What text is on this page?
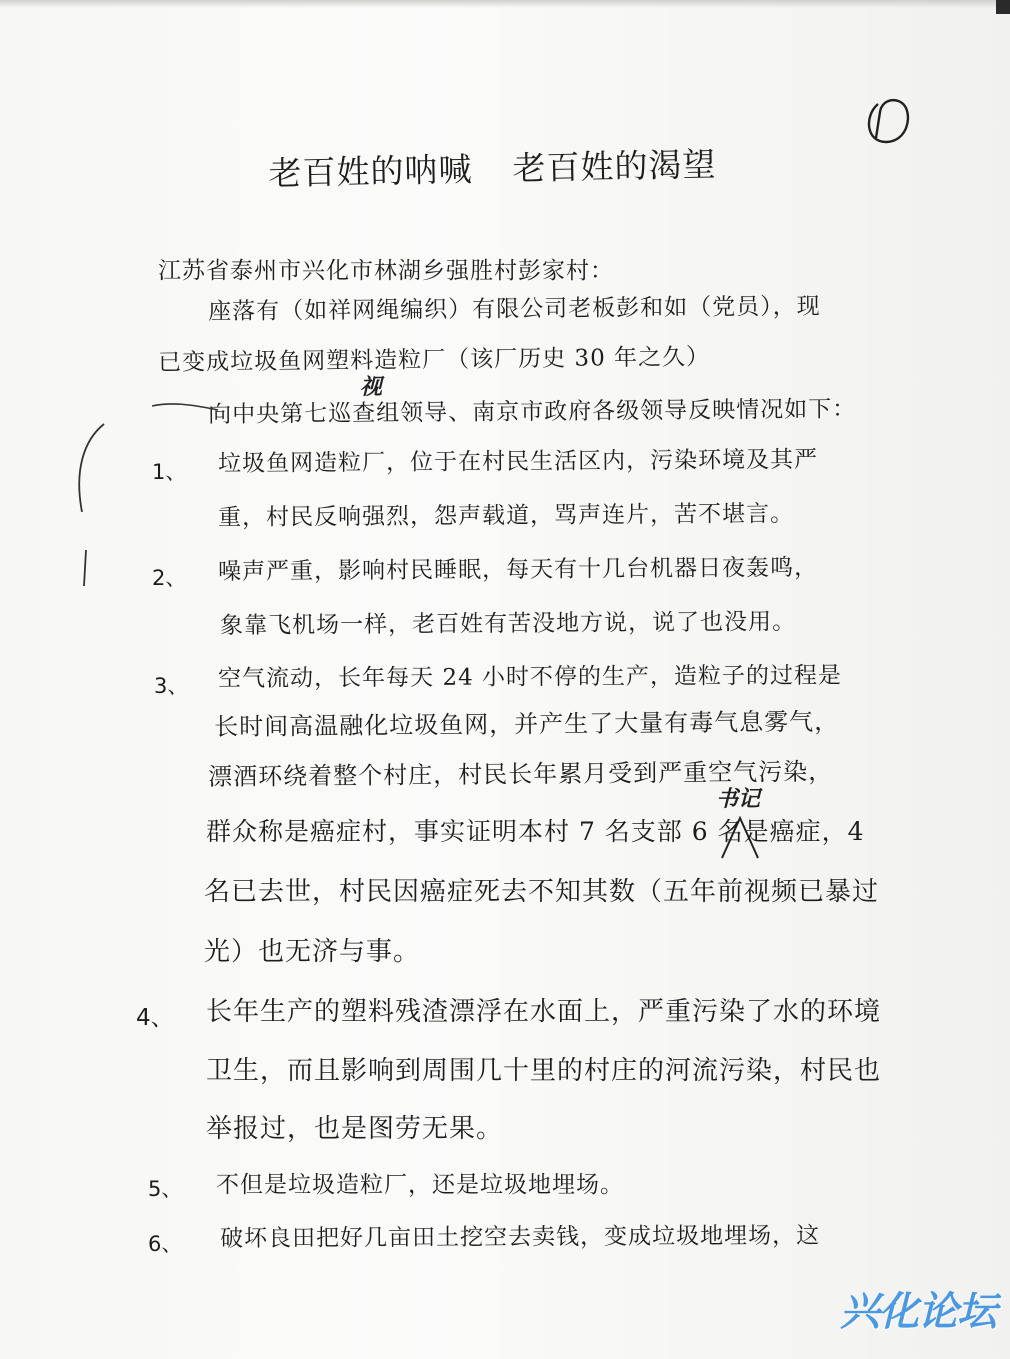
老百姓的呐喊 老百姓的渴望
江苏省泰州市兴化市林湖乡强胜村彭家村：
座落有（如祥网绳编织）有限公司老板彭和如（党员），现
已变成垃圾鱼网塑料造粒厂（该厂历史 30 年之久）
向中央第七巡查组领导、南京市政府各级领导反映情况如下：
视
书记
1、 垃圾鱼网造粒厂，位于在村民生活区内，污染环境及其严
重，村民反响强烈，怨声载道，骂声连片，苦不堪言。
2、 噪声严重，影响村民睡眠，每天有十几台机器日夜轰鸣，
象靠飞机场一样，老百姓有苦没地方说，说了也没用。
3、 空气流动，长年每天 24 小时不停的生产，造粒子的过程是
长时间高温融化垃圾鱼网，并产生了大量有毒气息雾气，
漂酒环绕着整个村庄，村民长年累月受到严重空气污染，
群众称是癌症村，事实证明本村 7 名支部 6 名是癌症，4
名已去世，村民因癌症死去不知其数（五年前视频已暴过
光）也无济与事。
4、 长年生产的塑料残渣漂浮在水面上，严重污染了水的环境
卫生，而且影响到周围几十里的村庄的河流污染，村民也
举报过，也是图劳无果。
5、 不但是垃圾造粒厂，还是垃圾地埋场。
6、 破坏良田把好几亩田土挖空去卖钱，变成垃圾地埋场，这
兴化论坛
